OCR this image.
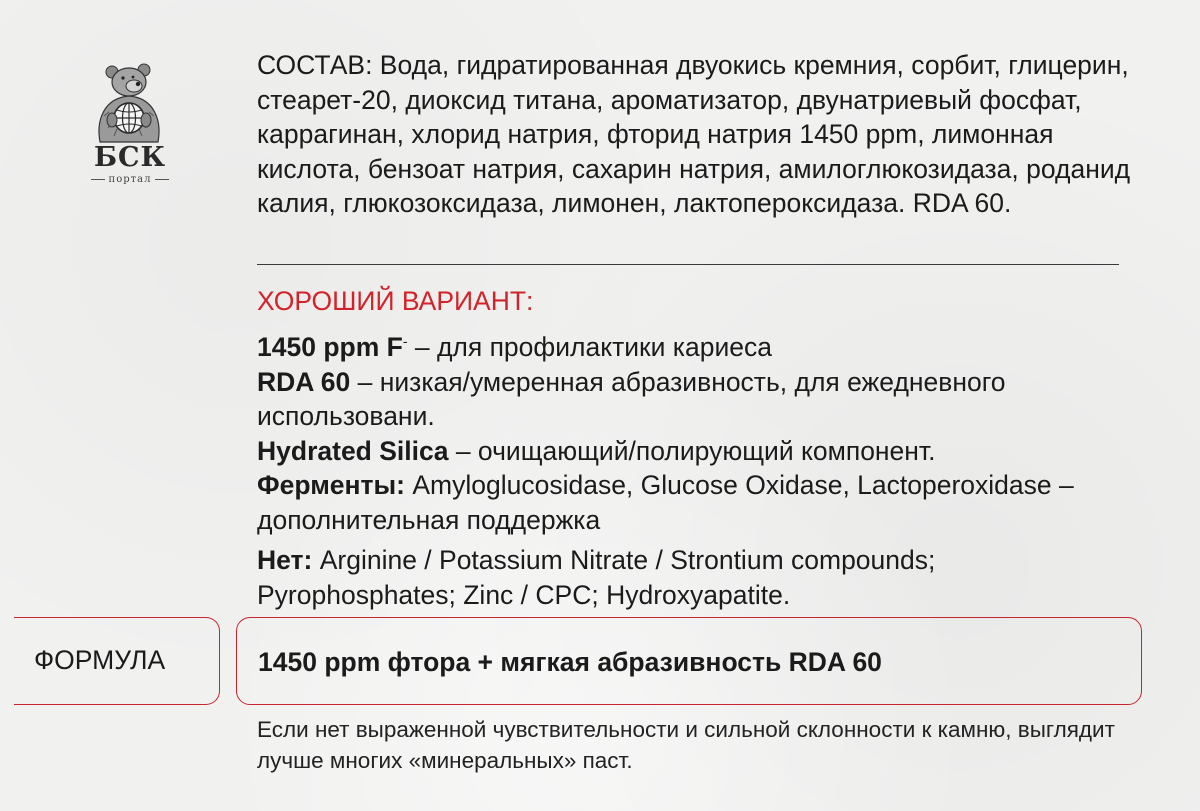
БСК
портал
СОСТАВ: Вода, гидратированная двуокись кремния, сорбит, глицерин, стеарет-20, диоксид титана, ароматизатор, двунатриевый фосфат, каррагинан, хлорид натрия, фторид натрия 1450 ppm, лимонная кислота, бензоат натрия, сахарин натрия, амилоглюкозидаза, роданид калия, глюкозоксидаза, лимонен, лактопероксидаза. RDA 60.
ХОРОШИЙ ВАРИАНТ:

1450 ppm F- – для профилактики кариеса

RDA 60 – низкая/умеренная абразивность, для ежедневного использовани.

Hydrated Silica – очищающий/полирующий компонент.

Ферменты: Amyloglucosidase, Glucose Oxidase, Lactoperoxidase – дополнительная поддержка

Нет: Arginine / Potassium Nitrate / Strontium compounds; Pyrophosphates; Zinc / CPC; Hydroxyapatite.

ФОРМУЛА	1450 ppm фтора + мягкая абразивность RDA 60
Если нет выраженной чувствительности и сильной склонности к камню, выглядит лучше многих «минеральных» паст.
